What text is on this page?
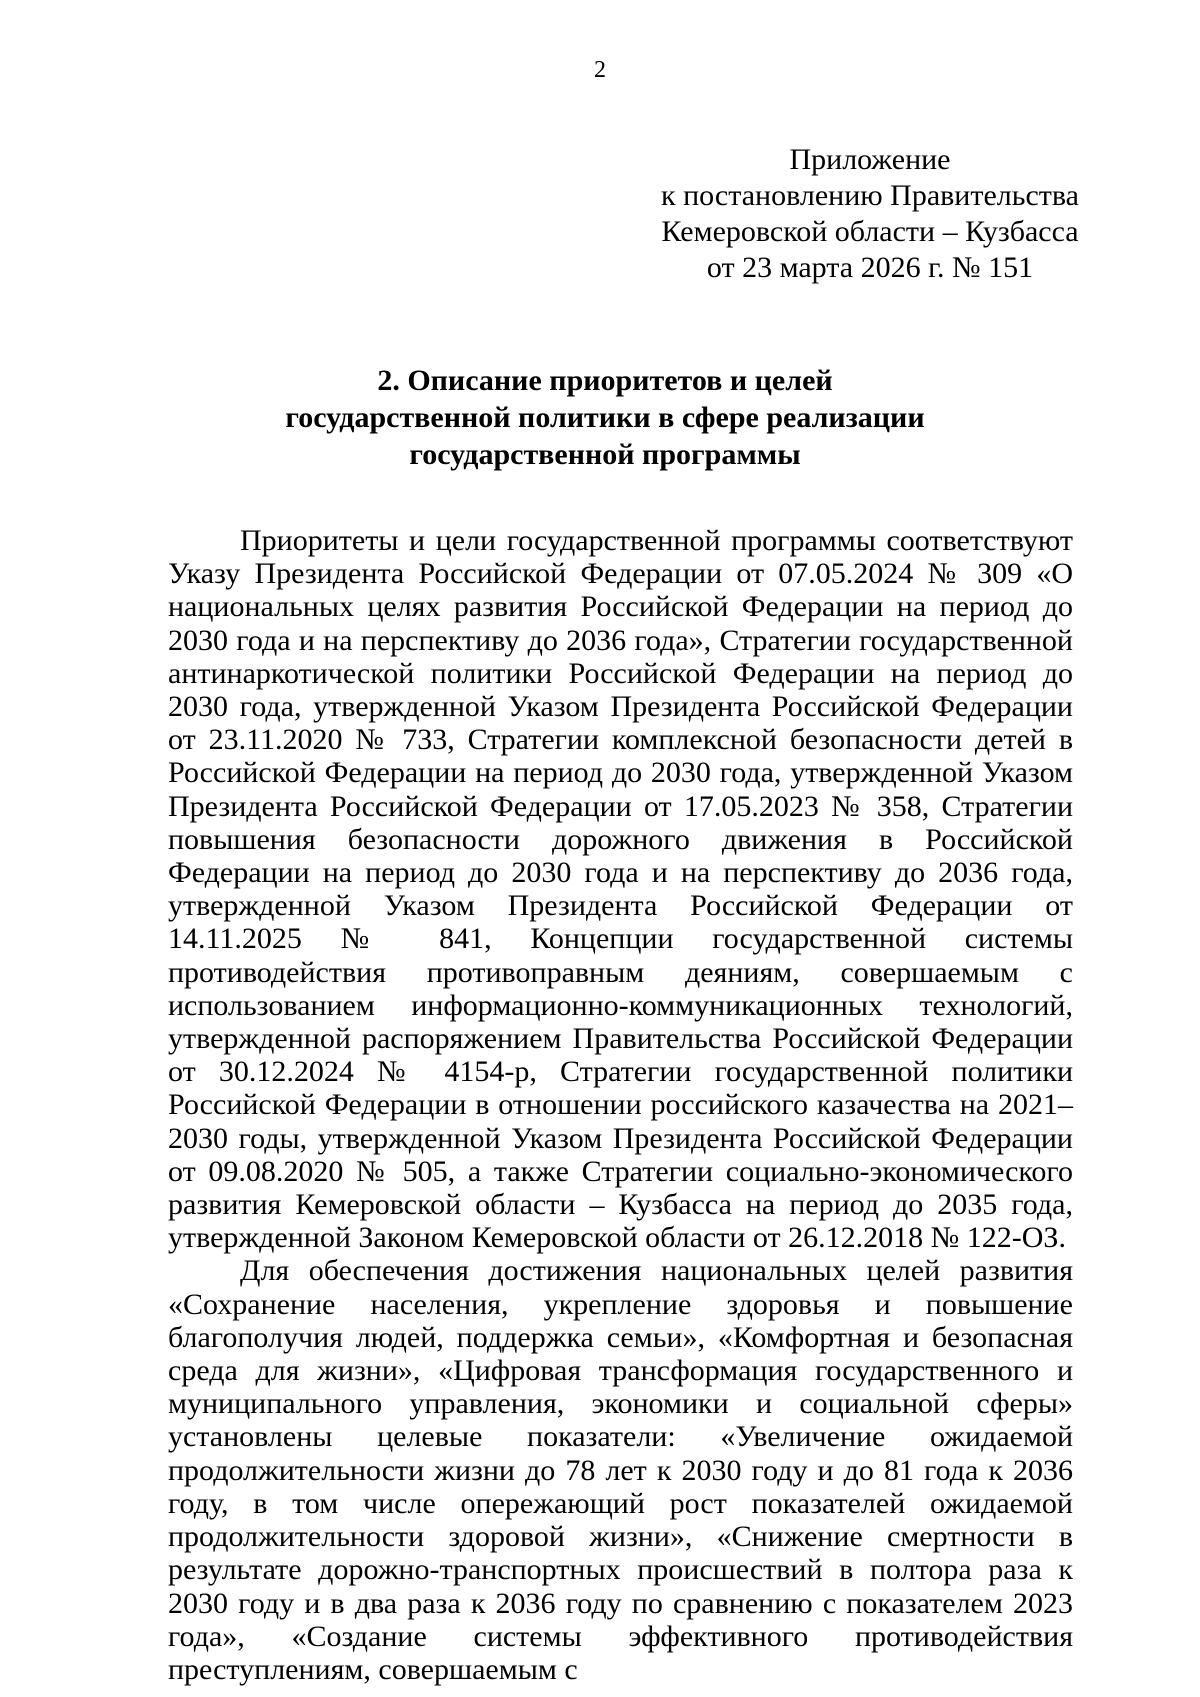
2
Приложение
к постановлению Правительства
Кемеровской области – Кузбасса
от 23 марта 2026 г. № 151
2. Описание приоритетов и целей
государственной политики в сфере реализации
государственной программы

Приоритеты и цели государственной программы соответствуют Указу Президента Российской Федерации от 07.05.2024 № 309 «О национальных целях развития Российской Федерации на период до 2030 года и на перспективу до 2036 года», Стратегии государственной антинаркотической политики Российской Федерации на период до 2030 года, утвержденной Указом Президента Российской Федерации от 23.11.2020 № 733, Стратегии комплексной безопасности детей в Российской Федерации на период до 2030 года, утвержденной Указом Президента Российской Федерации от 17.05.2023 № 358, Стратегии повышения безопасности дорожного движения в Российской Федерации на период до 2030 года и на перспективу до 2036 года, утвержденной Указом Президента Российской Федерации от 14.11.2025 № 841, Концепции государственной системы противодействия противоправным деяниям, совершаемым с использованием информационно-коммуникационных технологий, утвержденной распоряжением Правительства Российской Федерации от 30.12.2024 № 4154-р, Стратегии государственной политики Российской Федерации в отношении российского казачества на 2021–2030 годы, утвержденной Указом Президента Российской Федерации от 09.08.2020 № 505, а также Стратегии социально-экономического развития Кемеровской области – Кузбасса на период до 2035 года, утвержденной Законом Кемеровской области от 26.12.2018 № 122-ОЗ.

Для обеспечения достижения национальных целей развития «Сохранение населения, укрепление здоровья и повышение благополучия людей, поддержка семьи», «Комфортная и безопасная среда для жизни», «Цифровая трансформация государственного и муниципального управления, экономики и социальной сферы» установлены целевые показатели: «Увеличение ожидаемой продолжительности жизни до 78 лет к 2030 году и до 81 года к 2036 году, в том числе опережающий рост показателей ожидаемой продолжительности здоровой жизни», «Снижение смертности в результате дорожно-транспортных происшествий в полтора раза к 2030 году и в два раза к 2036 году по сравнению с показателем 2023 года», «Создание системы эффективного противодействия преступлениям, совершаемым с
